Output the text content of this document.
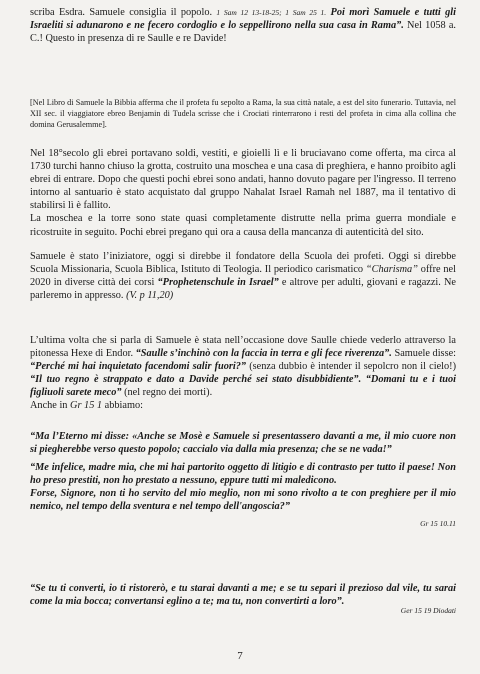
scriba Esdra. Samuele consiglia il popolo. 1 Sam 12 13-18-25; 1 Sam 25 1. Poi morì Samuele e tutti gli Israeliti si adunarono e ne fecero cordoglio e lo seppellirono nella sua casa in Rama”. Nel 1058 a. C.! Questo in presenza di re Saulle e re Davide!

[Nel Libro di Samuele la Bibbia afferma che il profeta fu sepolto a Rama, la sua città natale, a est del sito funerario. Tuttavia, nel XII sec. il viaggiatore ebreo Benjamin di Tudela scrisse che i Crociati rinterrarono i resti del profeta in cima alla collina che domina Gerusalemme].

Nel 18°secolo gli ebrei portavano soldi, vestiti, e gioielli lì e li bruciavano come offerta, ma circa al 1730 turchi hanno chiuso la grotta, costruito una moschea e una casa di preghiera, e hanno proibito agli ebrei di entrare. Dopo che questi pochi ebrei sono andati, hanno dovuto pagare per l'ingresso. Il terreno intorno al santuario è stato acquistato dal gruppo Nahalat Israel Ramah nel 1887, ma il tentativo di stabilirsi lì è fallito.

La moschea e la torre sono state quasi completamente distrutte nella prima guerra mondiale e ricostruite in seguito. Pochi ebrei pregano qui ora a causa della mancanza di autenticità del sito.

Samuele è stato l’iniziatore, oggi si direbbe il fondatore della Scuola dei profeti. Oggi si direbbe Scuola Missionaria, Scuola Biblica, Istituto di Teologia. Il periodico carismatico “Charisma” offre nel 2020 in diverse città dei corsi “Prophetenschule in Israel” e altrove per adulti, giovani e ragazzi. Ne parleremo in appresso. (V. p 11,20)

L’ultima volta che si parla di Samuele è stata nell’occasione dove Saulle chiede vederlo attraverso la pitonessa Hexe di Endor. “Saulle s’inchinò con la faccia in terra e gli fece riverenza”. Samuele disse: “Perché mi hai inquietato facendomi salir fuori?” (senza dubbio è intender il sepolcro non il cielo!) “Il tuo regno è strappato e dato a Davide perché sei stato disubbidiente”. “Domani tu e i tuoi figliuoli sarete meco” (nel regno dei morti).

Anche in Gr 15 1 abbiamo:

“Ma l’Eterno mi disse: «Anche se Mosè e Samuele si presentassero davanti a me, il mio cuore non si piegherebbe verso questo popolo; caccialo via dalla mia presenza; che se ne vada!”

“Me infelice, madre mia, che mi hai partorito oggetto di litigio e di contrasto per tutto il paese! Non ho preso prestiti, non ho prestato a nessuno, eppure tutti mi maledicono.

Forse, Signore, non ti ho servito del mio meglio, non mi sono rivolto a te con preghiere per il mio nemico, nel tempo della sventura e nel tempo dell'angoscia?”

Gr 15 10.11

“Se tu ti converti, io ti ristorerò, e tu starai davanti a me; e se tu separi il prezioso dal vile, tu sarai come la mia bocca; convertansi eglino a te; ma tu, non convertirti a loro”.

Ger 15 19 Diodati
7
